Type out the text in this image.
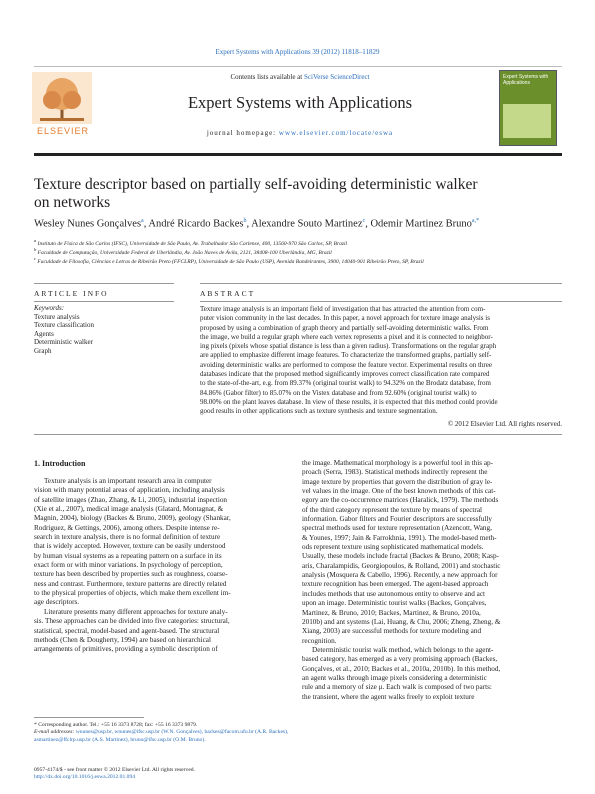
Expert Systems with Applications 39 (2012) 11818–11829
ELSEVIER
Contents lists available at SciVerse ScienceDirect
Expert Systems with Applications
journal homepage: www.elsevier.com/locate/eswa
Expert Systems with Applications
Texture descriptor based on partially self-avoiding deterministic walker
on networks
Wesley Nunes Gonçalves$^a$, André Ricardo Backes$^b$, Alexandre Souto Martinez$^c$, Odemir Martinez Bruno$^{a,*}$
$^a$ Instituto de Física de São Carlos (IFSC), Universidade de São Paulo, Av. Trabalhador São Carlense, 400, 13560-970 São Carlos, SP, Brazil
$^b$ Faculdade de Computação, Universidade Federal de Uberlândia, Av. João Naves de Ávila, 2121, 38408-100 Uberlândia, MG, Brazil
$^c$ Faculdade de Filosofia, Ciências e Letras de Ribeirão Preto (FFCLRP), Universidade de São Paulo (USP), Avenida Bandeirantes, 3900, 14040-901 Ribeirão Preto, SP, Brazil
ARTICLE INFO	ABSTRACT
Keywords:
Texture analysis
Texture classification
Agents
Deterministic walker
Graph
Texture image analysis is an important field of investigation that has attracted the attention from com-
puter vision community in the last decades. In this paper, a novel approach for texture image analysis is
proposed by using a combination of graph theory and partially self-avoiding deterministic walks. From
the image, we build a regular graph where each vertex represents a pixel and it is connected to neighbor-
ing pixels (pixels whose spatial distance is less than a given radius). Transformations on the regular graph
are applied to emphasize different image features. To characterize the transformed graphs, partially self-
avoiding deterministic walks are performed to compose the feature vector. Experimental results on three
databases indicate that the proposed method significantly improves correct classification rate compared
to the state-of-the-art, e.g. from 89.37% (original tourist walk) to 94.32% on the Brodatz database, from
84.86% (Gabor filter) to 85.07% on the Vistex database and from 92.60% (original tourist walk) to
98.00% on the plant leaves database. In view of these results, it is expected that this method could provide
good results in other applications such as texture synthesis and texture segmentation.
© 2012 Elsevier Ltd. All rights reserved.
1. Introduction
Texture analysis is an important research area in computer
vision with many potential areas of application, including analysis
of satellite images (Zhao, Zhang, & Li, 2005), industrial inspection
(Xie et al., 2007), medical image analysis (Glatard, Montagnat, &
Magnin, 2004), biology (Backes & Bruno, 2009), geology (Shankar,
Rodriguez, & Gettings, 2006), among others. Despite intense re-
search in texture analysis, there is no formal definition of texture
that is widely accepted. However, texture can be easily understood
by human visual systems as a repeating pattern on a surface in its
exact form or with minor variations. In psychology of perception,
texture has been described by properties such as roughness, coarse-
ness and contrast. Furthermore, texture patterns are directly related
to the physical properties of objects, which make them excellent im-
age descriptors.
Literature presents many different approaches for texture analy-
sis. These approaches can be divided into five categories: structural,
statistical, spectral, model-based and agent-based. The structural
methods (Chen & Dougherty, 1994) are based on hierarchical
arrangements of primitives, providing a symbolic description of
the image. Mathematical morphology is a powerful tool in this ap-
proach (Serra, 1983). Statistical methods indirectly represent the
image texture by properties that govern the distribution of gray le-
vel values in the image. One of the best known methods of this cat-
egory are the co-occurrence matrices (Haralick, 1979). The methods
of the third category represent the texture by means of spectral
information. Gabor filters and Fourier descriptors are successfully
spectral methods used for texture representation (Azencott, Wang,
& Younes, 1997; Jain & Farrokhnia, 1991). The model-based meth-
ods represent texture using sophisticated mathematical models.
Usually, these models include fractal (Backes & Bruno, 2008; Kasp-
aris, Charalampidis, Georgiopoulos, & Rolland, 2001) and stochastic
analysis (Mosquera & Cabello, 1996). Recently, a new approach for
texture recognition has been emerged. The agent-based approach
includes methods that use autonomous entity to observe and act
upon an image. Deterministic tourist walks (Backes, Gonçalves,
Martinez, & Bruno, 2010; Backes, Martinez, & Bruno, 2010a,
2010b) and ant systems (Lai, Huang, & Chu, 2006; Zheng, Zheng, &
Xiang, 2003) are successful methods for texture modeling and
recognition.
Deterministic tourist walk method, which belongs to the agent-
based category, has emerged as a very promising approach (Backes,
Gonçalves, et al., 2010; Backes et al., 2010a, 2010b). In this method,
an agent walks through image pixels considering a deterministic
rule and a memory of size μ. Each walk is composed of two parts:
the transient, where the agent walks freely to exploit texture
* Corresponding author. Tel.: +55 16 3373 8728; fax: +55 16 3373 9879.
E-mail addresses: wnunes@usp.br, wnunes@ifsc.usp.br (W.N. Gonçalves), backes@facom.ufu.br (A.R. Backes), asmartinez@ffclrp.usp.br (A.S. Martinez), bruno@ifsc.usp.br (O.M. Bruno).
0957-4174/$ - see front matter © 2012 Elsevier Ltd. All rights reserved.
http://dx.doi.org/10.1016/j.eswa.2012.01.094
